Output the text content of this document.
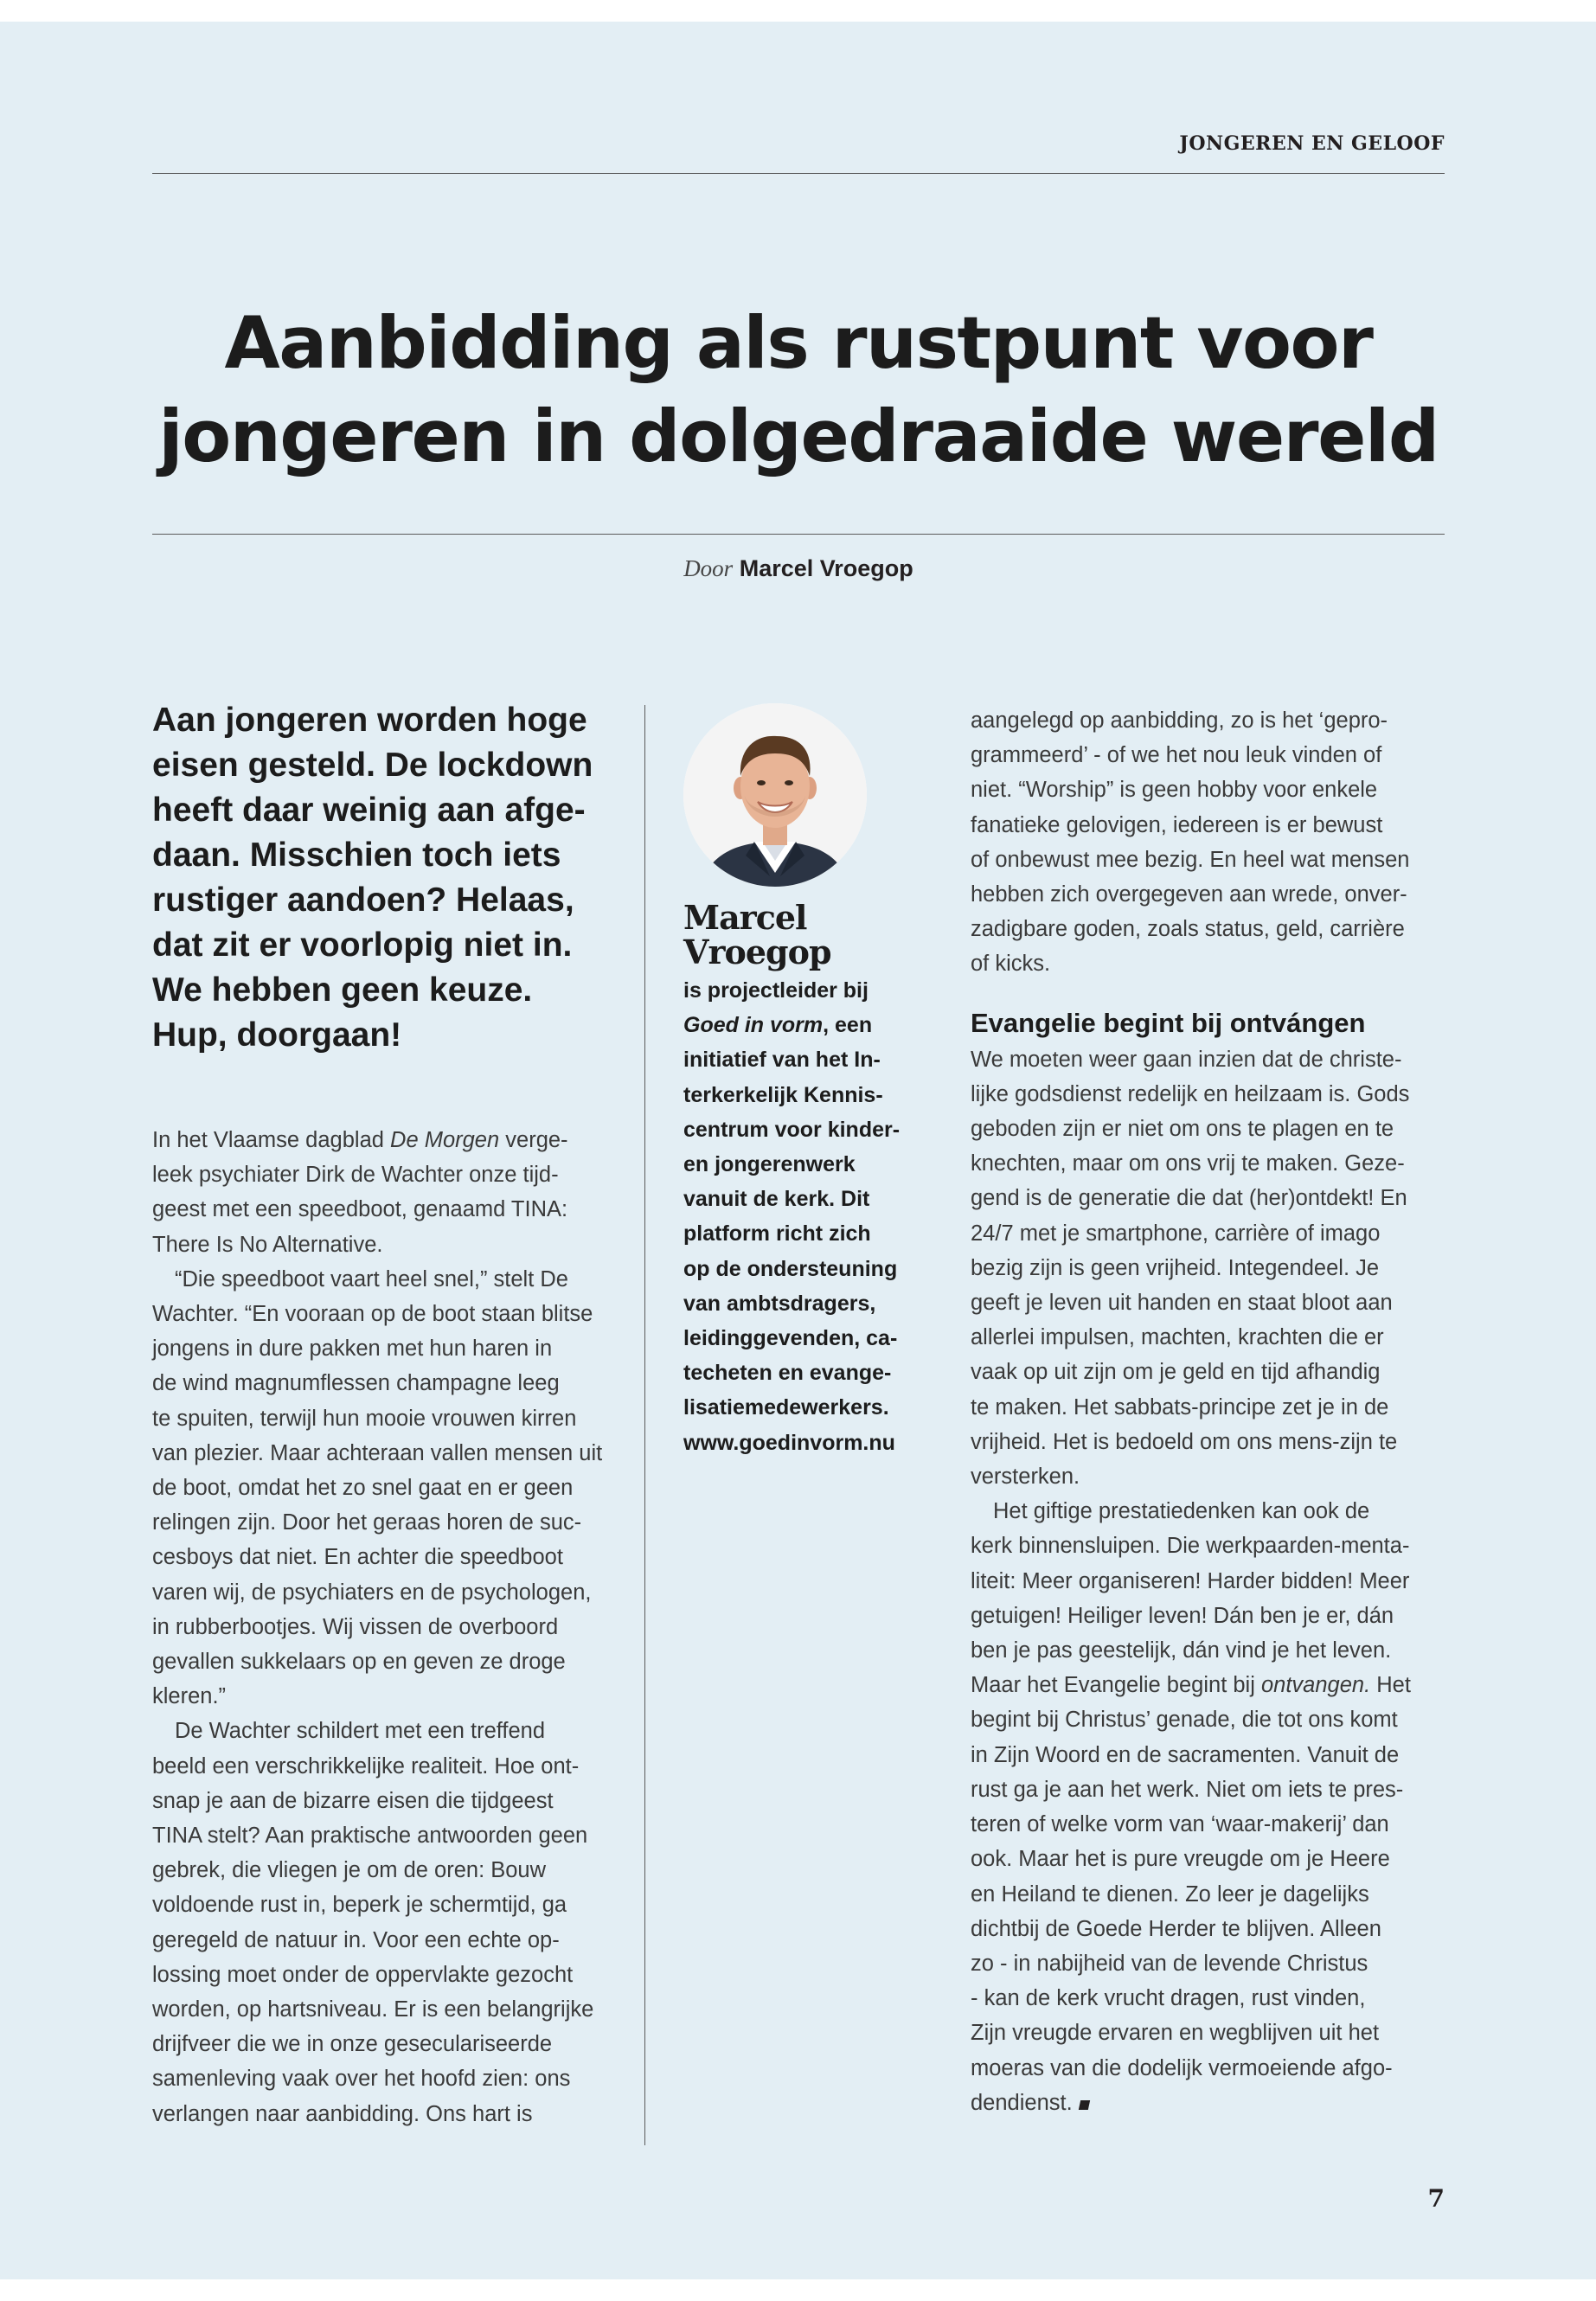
JONGEREN EN GELOOF
Aanbidding als rustpunt voor
jongeren in dolgedraaide wereld
Door Marcel Vroegop

Aan jongeren worden hoge
eisen gesteld. De lockdown
heeft daar weinig aan afge-
daan. Misschien toch iets
rustiger aandoen? Helaas,
dat zit er voorlopig niet in.
We hebben geen keuze.
Hup, doorgaan!

In het Vlaamse dagblad De Morgen verge-
leek psychiater Dirk de Wachter onze tijd-
geest met een speedboot, genaamd TINA:
There Is No Alternative.
“Die speedboot vaart heel snel,” stelt De
Wachter. “En vooraan op de boot staan blitse
jongens in dure pakken met hun haren in
de wind magnumflessen champagne leeg
te spuiten, terwijl hun mooie vrouwen kirren
van plezier. Maar achteraan vallen mensen uit
de boot, omdat het zo snel gaat en er geen
relingen zijn. Door het geraas horen de suc-
cesboys dat niet. En achter die speedboot
varen wij, de psychiaters en de psychologen,
in rubberbootjes. Wij vissen de overboord
gevallen sukkelaars op en geven ze droge
kleren.”
De Wachter schildert met een treffend
beeld een verschrikkelijke realiteit. Hoe ont-
snap je aan de bizarre eisen die tijdgeest
TINA stelt? Aan praktische antwoorden geen
gebrek, die vliegen je om de oren: Bouw
voldoende rust in, beperk je schermtijd, ga
geregeld de natuur in. Voor een echte op-
lossing moet onder de oppervlakte gezocht
worden, op hartsniveau. Er is een belangrijke
drijfveer die we in onze geseculariseerde
samenleving vaak over het hoofd zien: ons
verlangen naar aanbidding. Ons hart is
Marcel
Vroegop
is projectleider bij
Goed in vorm, een
initiatief van het In-
terkerkelijk Kennis-
centrum voor kinder-
en jongerenwerk
vanuit de kerk. Dit
platform richt zich
op de ondersteuning
van ambtsdragers,
leidinggevenden, ca-
techeten en evange-
lisatiemedewerkers.
www.goedinvorm.nu
aangelegd op aanbidding, zo is het ‘gepro-
grammeerd’ - of we het nou leuk vinden of
niet. “Worship” is geen hobby voor enkele
fanatieke gelovigen, iedereen is er bewust
of onbewust mee bezig. En heel wat mensen
hebben zich overgegeven aan wrede, onver-
zadigbare goden, zoals status, geld, carrière
of kicks.
Evangelie begint bij ontvángen
We moeten weer gaan inzien dat de christe-
lijke godsdienst redelijk en heilzaam is. Gods
geboden zijn er niet om ons te plagen en te
knechten, maar om ons vrij te maken. Geze-
gend is de generatie die dat (her)ontdekt! En
24/7 met je smartphone, carrière of imago
bezig zijn is geen vrijheid. Integendeel. Je
geeft je leven uit handen en staat bloot aan
allerlei impulsen, machten, krachten die er
vaak op uit zijn om je geld en tijd afhandig
te maken. Het sabbats-principe zet je in de
vrijheid. Het is bedoeld om ons mens-zijn te
versterken.
Het giftige prestatiedenken kan ook de
kerk binnensluipen. Die werkpaarden-menta-
liteit: Meer organiseren! Harder bidden! Meer
getuigen! Heiliger leven! Dán ben je er, dán
ben je pas geestelijk, dán vind je het leven.
Maar het Evangelie begint bij ontvangen. Het
begint bij Christus’ genade, die tot ons komt
in Zijn Woord en de sacramenten. Vanuit de
rust ga je aan het werk. Niet om iets te pres-
teren of welke vorm van ‘waar-makerij’ dan
ook. Maar het is pure vreugde om je Heere
en Heiland te dienen. Zo leer je dagelijks
dichtbij de Goede Herder te blijven. Alleen
zo - in nabijheid van de levende Christus
- kan de kerk vrucht dragen, rust vinden,
Zijn vreugde ervaren en wegblijven uit het
moeras van die dodelijk vermoeiende afgo-
dendienst.
7
